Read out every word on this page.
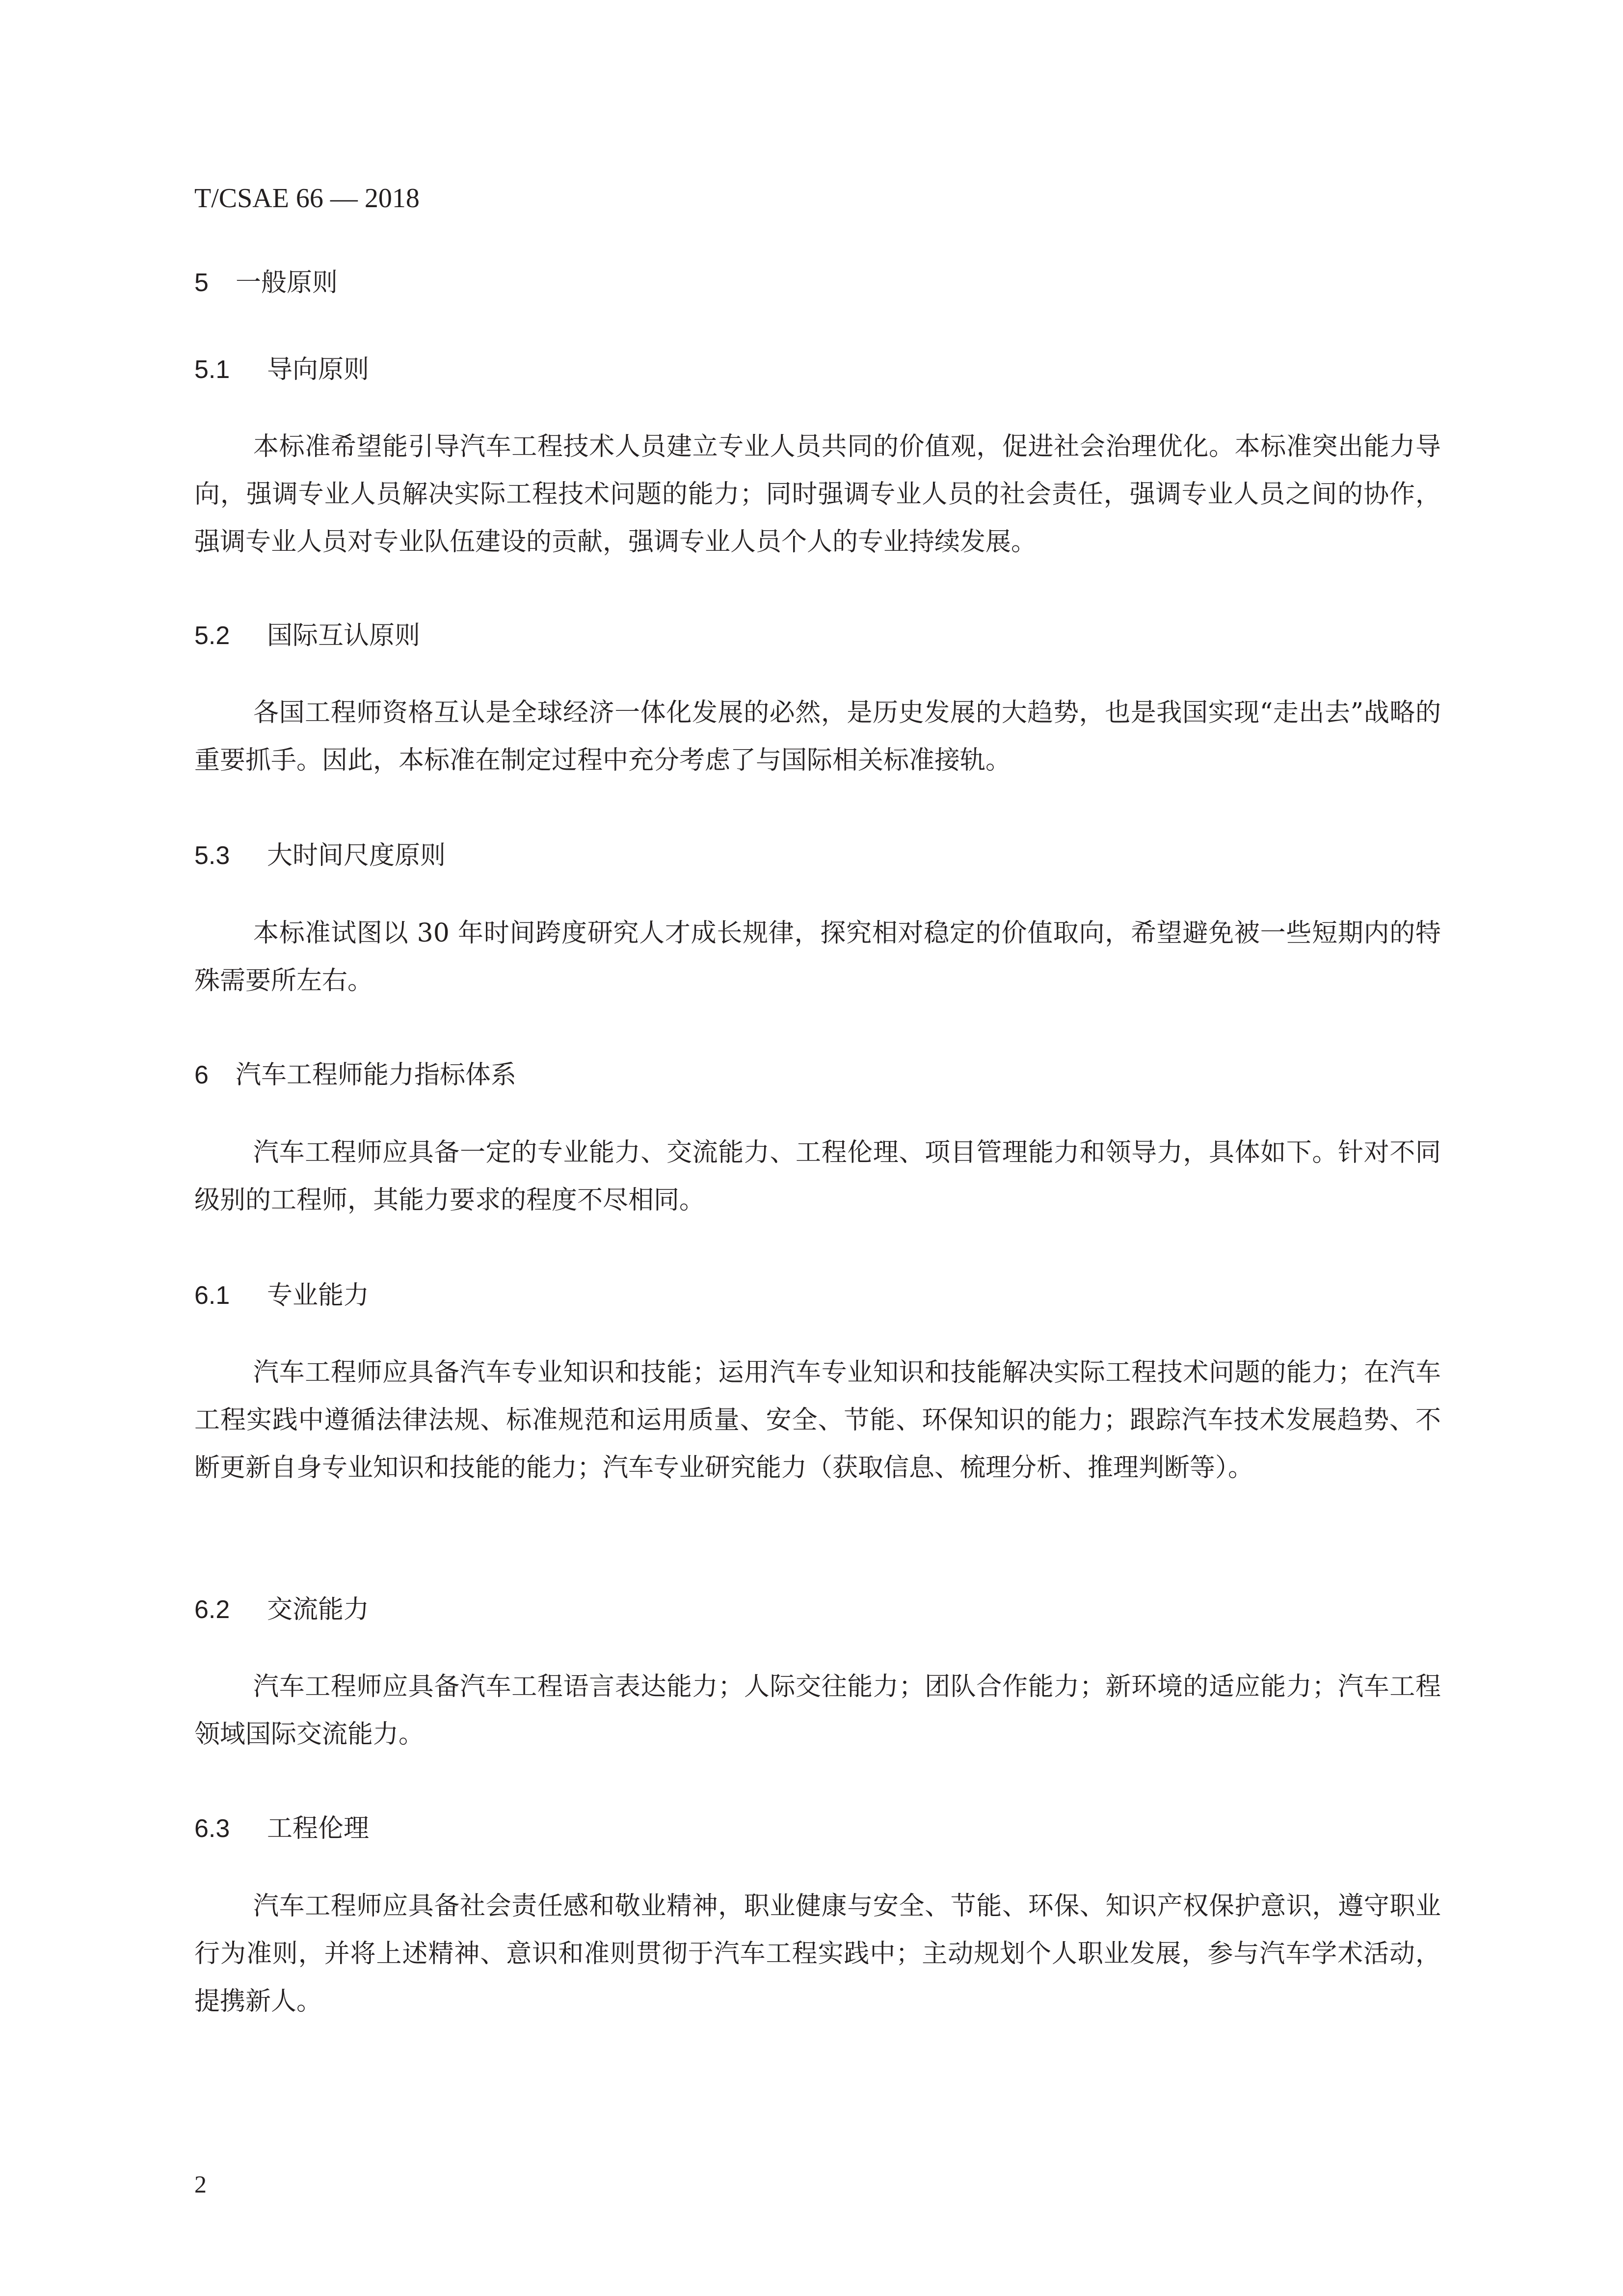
T/CSAE 66 — 2018
5 一般原则
5.1 导向原则

本标准希望能引导汽车工程技术人员建立专业人员共同的价值观，促进社会治理优化。本标准突出能力导向，强调专业人员解决实际工程技术问题的能力；同时强调专业人员的社会责任，强调专业人员之间的协作，强调专业人员对专业队伍建设的贡献，强调专业人员个人的专业持续发展。

5.2 国际互认原则

各国工程师资格互认是全球经济一体化发展的必然，是历史发展的大趋势，也是我国实现“走出去”战略的重要抓手。因此，本标准在制定过程中充分考虑了与国际相关标准接轨。

5.3 大时间尺度原则

本标准试图以 30 年时间跨度研究人才成长规律，探究相对稳定的价值取向，希望避免被一些短期内的特殊需要所左右。

6 汽车工程师能力指标体系

汽车工程师应具备一定的专业能力、交流能力、工程伦理、项目管理能力和领导力，具体如下。针对不同级别的工程师，其能力要求的程度不尽相同。

6.1 专业能力

汽车工程师应具备汽车专业知识和技能；运用汽车专业知识和技能解决实际工程技术问题的能力；在汽车工程实践中遵循法律法规、标准规范和运用质量、安全、节能、环保知识的能力；跟踪汽车技术发展趋势、不断更新自身专业知识和技能的能力；汽车专业研究能力（获取信息、梳理分析、推理判断等）。

6.2 交流能力

汽车工程师应具备汽车工程语言表达能力；人际交往能力；团队合作能力；新环境的适应能力；汽车工程领域国际交流能力。

6.3 工程伦理

汽车工程师应具备社会责任感和敬业精神，职业健康与安全、节能、环保、知识产权保护意识，遵守职业行为准则，并将上述精神、意识和准则贯彻于汽车工程实践中；主动规划个人职业发展，参与汽车学术活动，提携新人。

2
